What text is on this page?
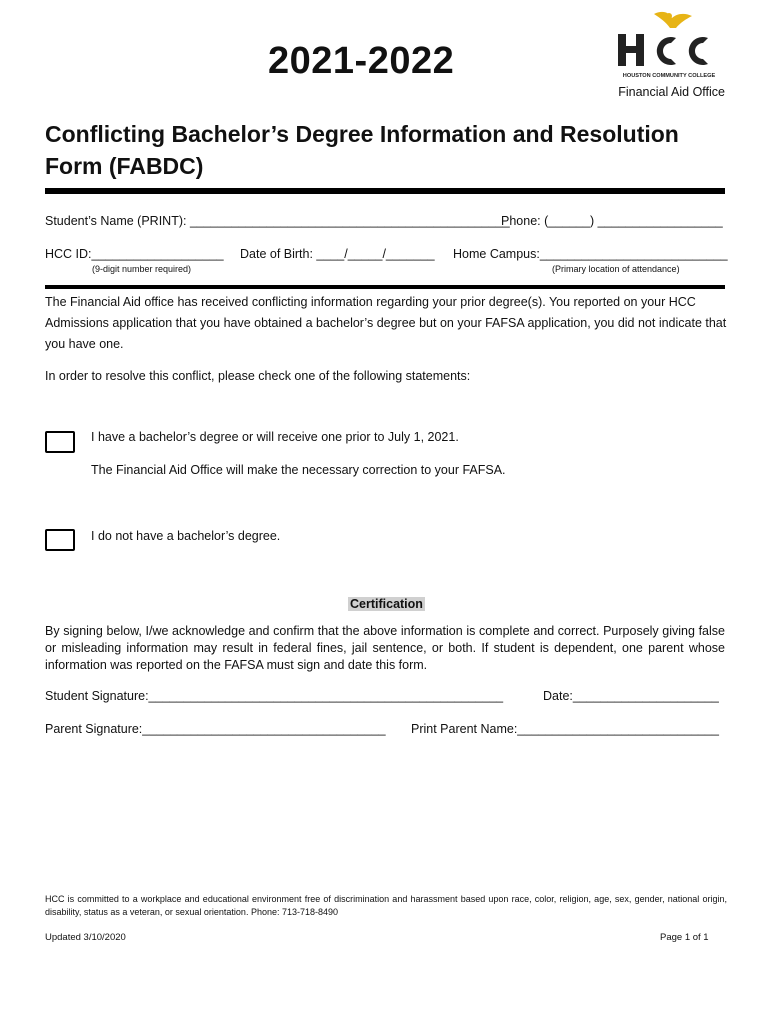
2021-2022	HOUSTON COMMUNITY COLLEGE
Financial Aid Office
Conflicting Bachelor’s Degree Information and Resolution Form (FABDC)
Student’s Name (PRINT): ______________________________________________
Phone: (______) __________________
HCC ID:___________________
(9-digit number required)
Date of Birth: ____/_____/_______ Home Campus:___________________________
(Primary location of attendance)
The Financial Aid office has received conflicting information regarding your prior degree(s). You reported on your HCC Admissions application that you have obtained a bachelor’s degree but on your FAFSA application, you did not indicate that you have one.
In order to resolve this conflict, please check one of the following statements:
I have a bachelor’s degree or will receive one prior to July 1, 2021.
The Financial Aid Office will make the necessary correction to your FAFSA.
I do not have a bachelor’s degree.
Certification
By signing below, I/we acknowledge and confirm that the above information is complete and correct. Purposely giving false or misleading information may result in federal fines, jail sentence, or both. If student is dependent, one parent whose information was reported on the FAFSA must sign and date this form.
Student Signature:___________________________________________________	Date:_____________________
Parent Signature:___________________________________ Print Parent Name:_____________________________
HCC is committed to a workplace and educational environment free of discrimination and harassment based upon race, color, religion, age, sex, gender, national origin, disability, status as a veteran, or sexual orientation. Phone: 713-718-8490
Updated 3/10/2020	Page 1 of 1
